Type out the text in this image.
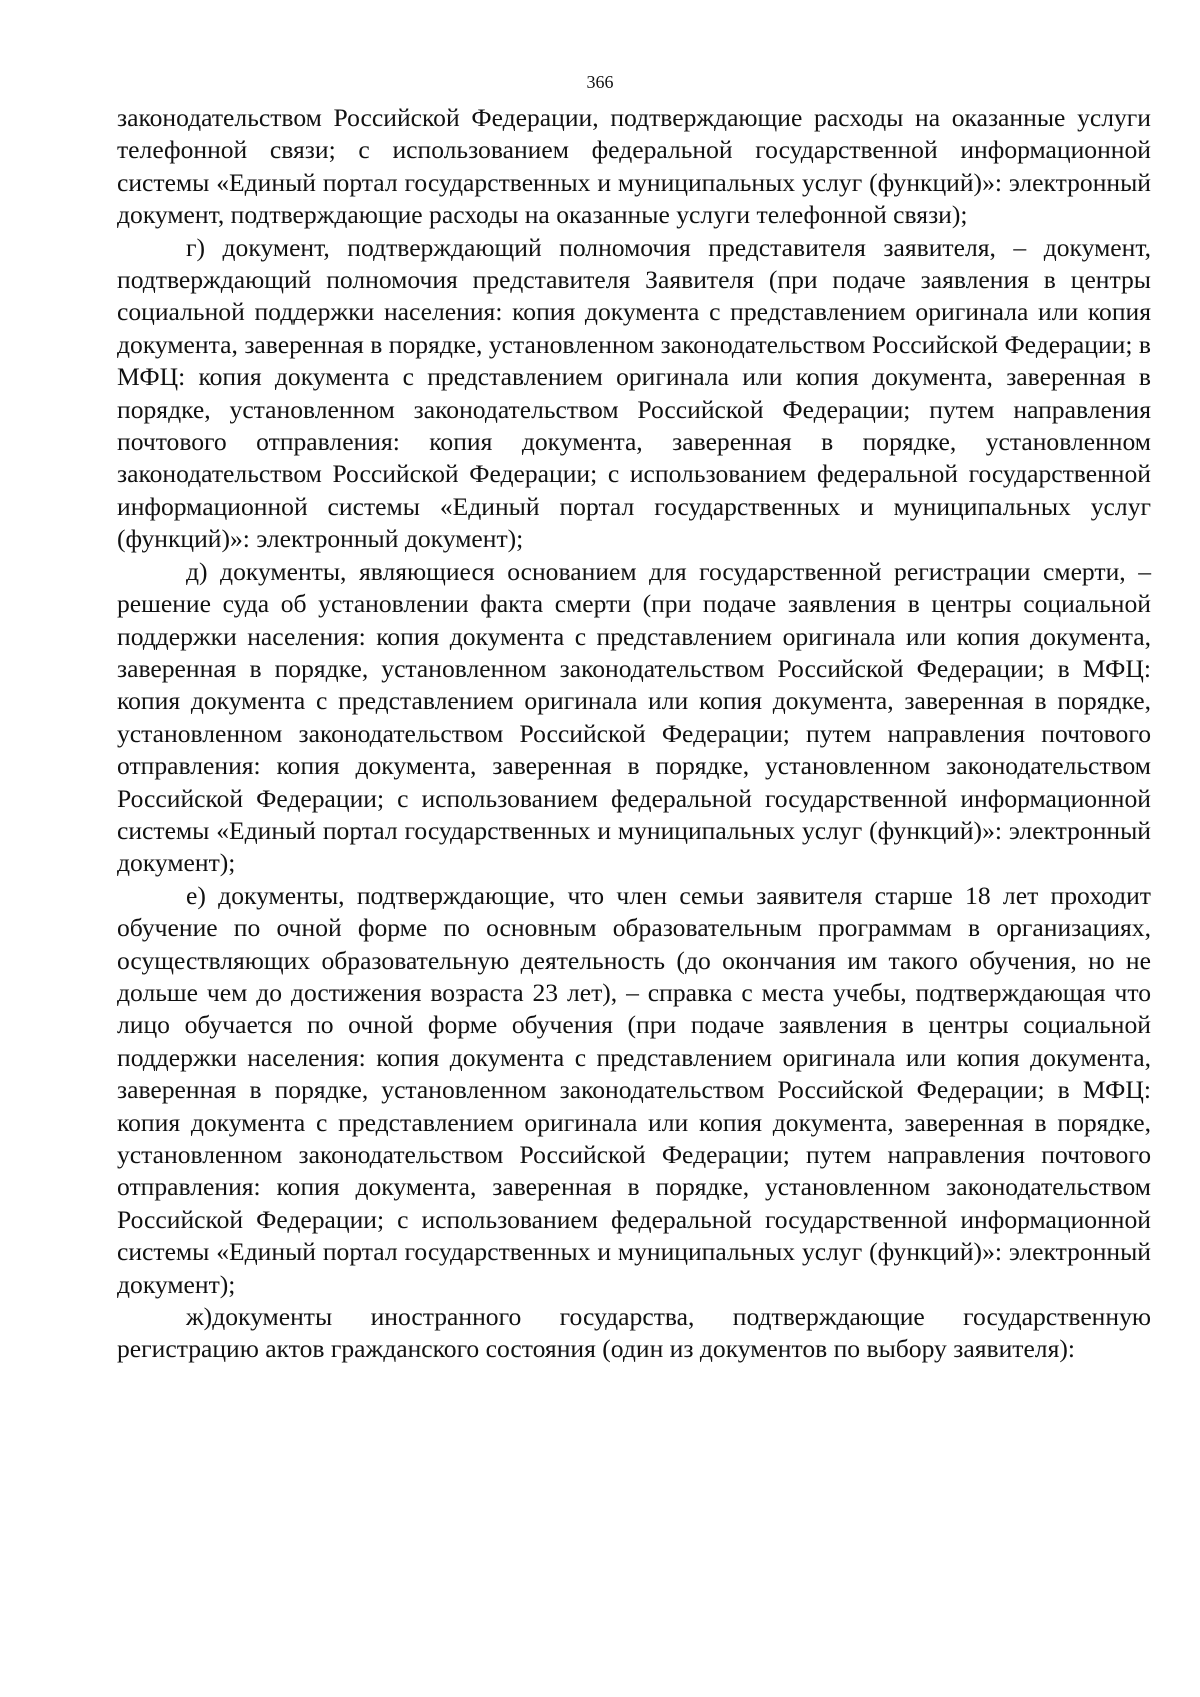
366

законодательством Российской Федерации, подтверждающие расходы на оказанные услуги телефонной связи; с использованием федеральной государственной информационной системы «Единый портал государственных и муниципальных услуг (функций)»: электронный документ, подтверждающие расходы на оказанные услуги телефонной связи);

г) документ, подтверждающий полномочия представителя заявителя, – документ, подтверждающий полномочия представителя Заявителя (при подаче заявления в центры социальной поддержки населения: копия документа с представлением оригинала или копия документа, заверенная в порядке, установленном законодательством Российской Федерации; в МФЦ: копия документа с представлением оригинала или копия документа, заверенная в порядке, установленном законодательством Российской Федерации; путем направления почтового отправления: копия документа, заверенная в порядке, установленном законодательством Российской Федерации; с использованием федеральной государственной информационной системы «Единый портал государственных и муниципальных услуг (функций)»: электронный документ);

д) документы, являющиеся основанием для государственной регистрации смерти, – решение суда об установлении факта смерти (при подаче заявления в центры социальной поддержки населения: копия документа с представлением оригинала или копия документа, заверенная в порядке, установленном законодательством Российской Федерации; в МФЦ: копия документа с представлением оригинала или копия документа, заверенная в порядке, установленном законодательством Российской Федерации; путем направления почтового отправления: копия документа, заверенная в порядке, установленном законодательством Российской Федерации; с использованием федеральной государственной информационной системы «Единый портал государственных и муниципальных услуг (функций)»: электронный документ);

е) документы, подтверждающие, что член семьи заявителя старше 18 лет проходит обучение по очной форме по основным образовательным программам в организациях, осуществляющих образовательную деятельность (до окончания им такого обучения, но не дольше чем до достижения возраста 23 лет), – справка с места учебы, подтверждающая что лицо обучается по очной форме обучения (при подаче заявления в центры социальной поддержки населения: копия документа с представлением оригинала или копия документа, заверенная в порядке, установленном законодательством Российской Федерации; в МФЦ: копия документа с представлением оригинала или копия документа, заверенная в порядке, установленном законодательством Российской Федерации; путем направления почтового отправления: копия документа, заверенная в порядке, установленном законодательством Российской Федерации; с использованием федеральной государственной информационной системы «Единый портал государственных и муниципальных услуг (функций)»: электронный документ);

ж)документы иностранного государства, подтверждающие государственную регистрацию актов гражданского состояния (один из документов по выбору заявителя):
